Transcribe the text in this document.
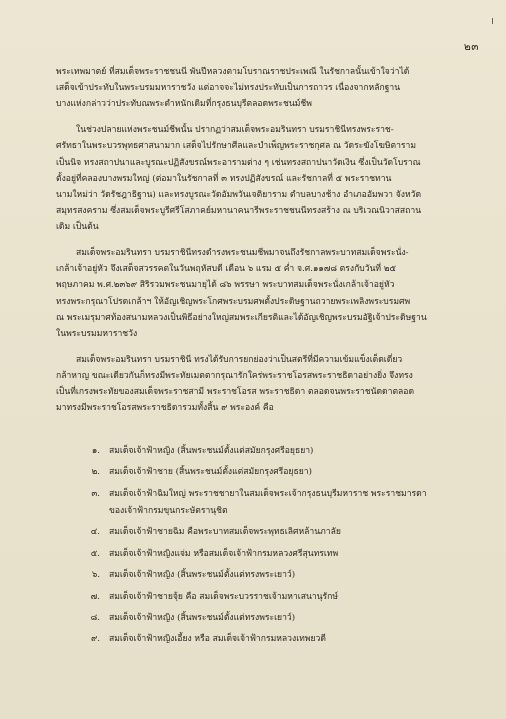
๒๓
พระเทพมาตย์ ที่สมเด็จพระราชชนนี พันปีหลวงตามโบราณราชประเพณี ในรัชกาลนั้นเข้าใจว่าได้
เสด็จเข้าประทับในพระบรมมหาราชวัง แต่อาจจะไม่ทรงประทับเป็นการถาวร เนื่องจากหลักฐาน
บางแห่งกล่าวว่าประทับณพระตำหนักเดิมที่กรุงธนบุรีตลอดพระชนม์ชีพ
ในช่วงปลายแห่งพระชนม์ชีพนั้น ปรากฏว่าสมเด็จพระอมรินทรา บรมราชินีทรงพระราช-
ศรัทธาในพระบวรพุทธศาสนามาก เสด็จไปรักษาศีลและบำเพ็ญพระราชกุศล ณ วัดระฆังโฆษิตาราม
เป็นนิจ ทรงสถาปนาและบูรณะปฏิสังขรณ์พระอารามต่าง ๆ เช่นทรงสถาปนาวัดเงิน ซึ่งเป็นวัดโบราณ
ตั้งอยู่ที่คลองบางพรมใหญ่ (ต่อมาในรัชกาลที่ ๓ ทรงปฏิสังขรณ์ และรัชกาลที่ ๕ พระราชทาน
นามใหม่ว่า วัดรัชฎาธิฐาน) และทรงบูรณะวัดอัมพวันเจติยาราม ตำบลบางช้าง อำเภออัมพวา จังหวัด
สมุทรสงคราม ซึ่งสมเด็จพระบูรีศรีโสภาคย์มหานาคนารีพระราชชนนีทรงสร้าง ณ บริเวณนิวาสสถาน
เดิม เป็นต้น
สมเด็จพระอมรินทรา บรมราชินีทรงดำรงพระชนมชีพมาจนถึงรัชกาลพระบาทสมเด็จพระนั่ง-
เกล้าเจ้าอยู่หัว จึงเสด็จสวรรคตในวันพฤหัสบดี เดือน ๖ แรม ๕ ค่ำ จ.ศ.๑๑๗๘ ตรงกับวันที่ ๒๕
พฤษภาคม พ.ศ.๒๓๖๙ สิริรวมพระชนมายุได้ ๘๖ พรรษา พระบาทสมเด็จพระนั่งเกล้าเจ้าอยู่หัว
ทรงพระกรุณาโปรดเกล้าฯ ให้อัญเชิญพระโกศพระบรมศพตั้งประดิษฐานถวายพระเพลิงพระบรมศพ
ณ พระเมรุมาศท้องสนามหลวงเป็นพิธีอย่างใหญ่สมพระเกียรติและได้อัญเชิญพระบรมอัฐิเจ้าประดิษฐาน
ในพระบรมมหาราชวัง
สมเด็จพระอมรินทรา บรมราชินี ทรงได้รับการยกย่องว่าเป็นสตรีที่มีความเข้มแข็งเด็ดเดี่ยว
กล้าหาญ ขณะเดียวกันก็ทรงมีพระทัยเมตตากรุณารักใคร่พระราชโอรสพระราชธิดาอย่างยิ่ง จึงทรง
เป็นที่เกรงพระทัยของสมเด็จพระราชสามี พระราชโอรส พระราชธิดา ตลอดจนพระราชนัดดาตลอด
มาทรงมีพระราชโอรสพระราชธิดารวมทั้งสิ้น ๙ พระองค์ คือ
๑.	สมเด็จเจ้าฟ้าหญิง (สิ้นพระชนม์ตั้งแต่สมัยกรุงศรีอยุธยา)
๒.	สมเด็จเจ้าฟ้าชาย (สิ้นพระชนม์ตั้งแต่สมัยกรุงศรีอยุธยา)
๓.	สมเด็จเจ้าฟ้าฉิมใหญ่ พระราชชายาในสมเด็จพระเจ้ากรุงธนบุรีมหาราช พระราชมารดา
ของเจ้าฟ้ากรมขุนกระษัตรานุชิต
๔.	สมเด็จเจ้าฟ้าชายฉิม คือพระบาทสมเด็จพระพุทธเลิศหล้านภาลัย
๕.	สมเด็จเจ้าฟ้าหญิงแจ่ม หรือสมเด็จเจ้าฟ้ากรมหลวงศรีสุนทรเทพ
๖.	สมเด็จเจ้าฟ้าหญิง (สิ้นพระชนม์ตั้งแต่ทรงพระเยาว์)
๗.	สมเด็จเจ้าฟ้าชายจุ้ย คือ สมเด็จพระบวรราชเจ้ามหาเสนานุรักษ์
๘.	สมเด็จเจ้าฟ้าหญิง (สิ้นพระชนม์ตั้งแต่ทรงพระเยาว์)
๙.	สมเด็จเจ้าฟ้าหญิงเอี้ยง หรือ สมเด็จเจ้าฟ้ากรมหลวงเทพยวดี
